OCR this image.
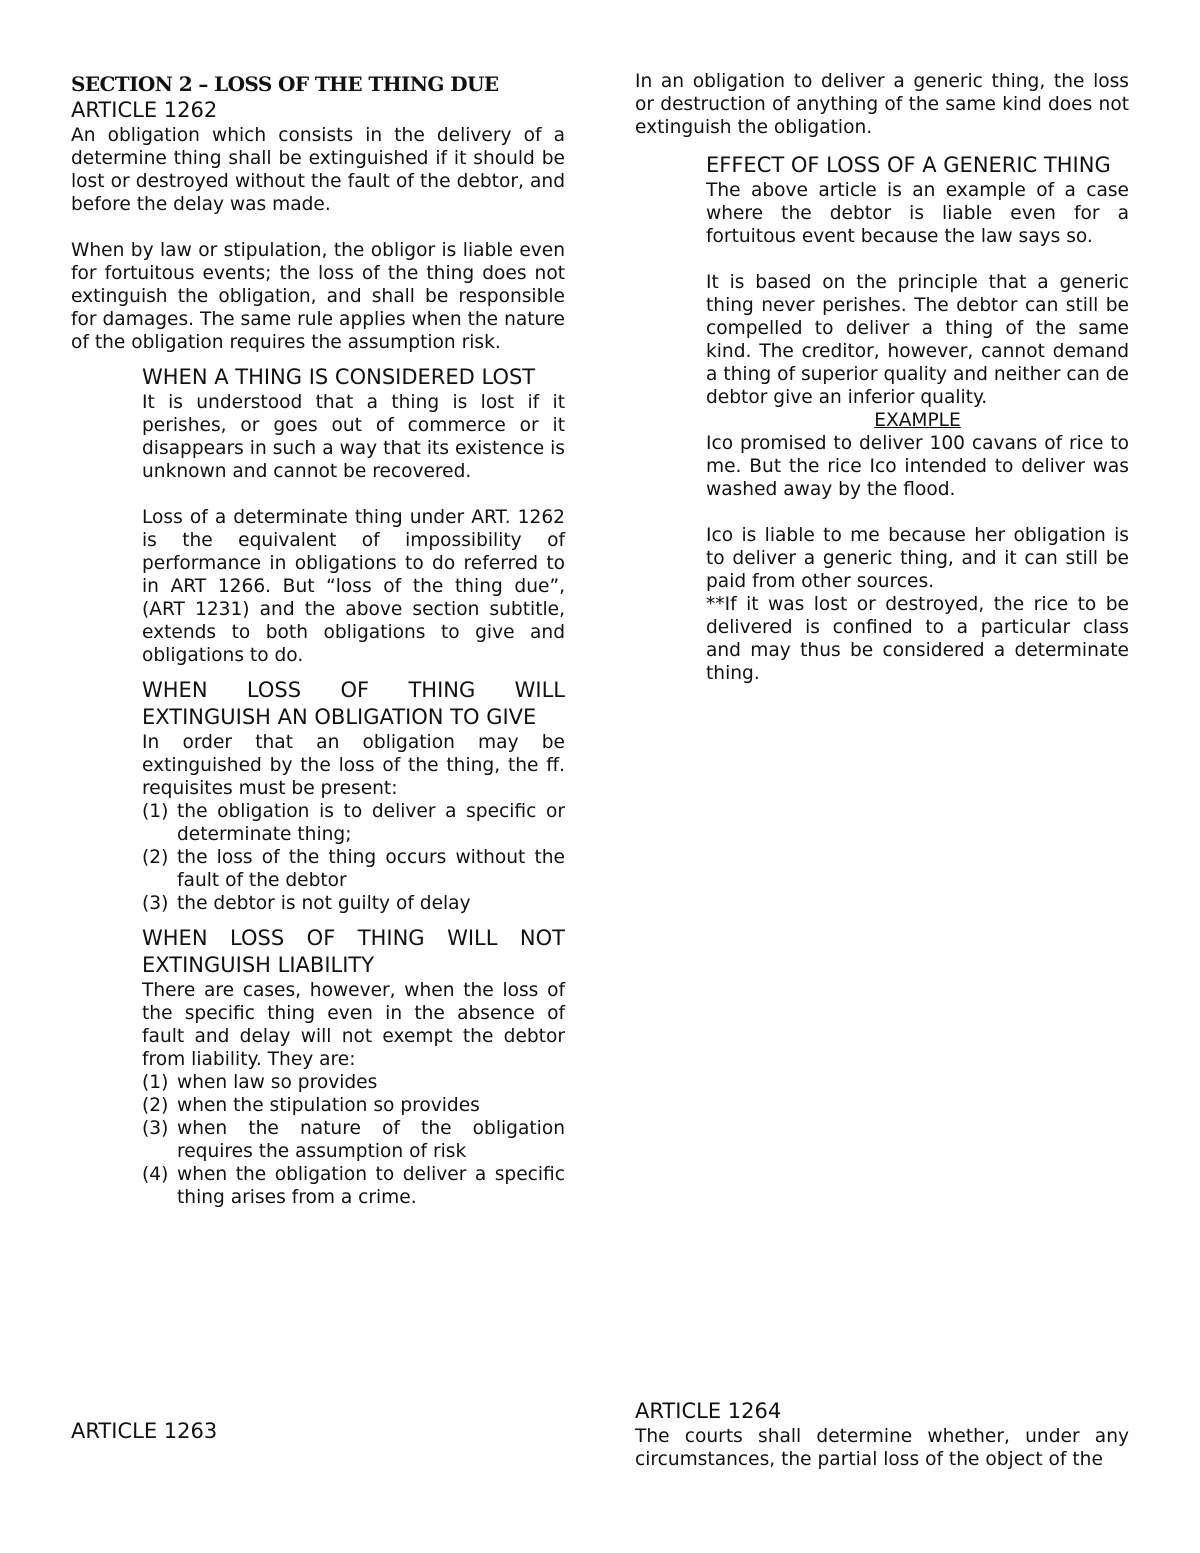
SECTION 2 – LOSS OF THE THING DUE
ARTICLE 1262

An obligation which consists in the delivery of a determine thing shall be extinguished if it should be lost or destroyed without the fault of the debtor, and before the delay was made.

When by law or stipulation, the obligor is liable even for fortuitous events; the loss of the thing does not extinguish the obligation, and shall be responsible for damages. The same rule applies when the nature of the obligation requires the assumption risk.

WHEN A THING IS CONSIDERED LOST

It is understood that a thing is lost if it perishes, or goes out of commerce or it disappears in such a way that its existence is unknown and cannot be recovered.

Loss of a determinate thing under ART. 1262 is the equivalent of impossibility of performance in obligations to do referred to in ART 1266. But “loss of the thing due”, (ART 1231) and the above section subtitle, extends to both obligations to give and obligations to do.

WHEN LOSS OF THING WILL EXTINGUISH AN OBLIGATION TO GIVE

In order that an obligation may be extinguished by the loss of the thing, the ff. requisites must be present:

(1) the obligation is to deliver a specific or determinate thing;
(2) the loss of the thing occurs without the fault of the debtor
(3) the debtor is not guilty of delay
WHEN LOSS OF THING WILL NOT EXTINGUISH LIABILITY

There are cases, however, when the loss of the specific thing even in the absence of fault and delay will not exempt the debtor from liability. They are:

(1) when law so provides
(2) when the stipulation so provides
(3) when the nature of the obligation requires the assumption of risk
(4) when the obligation to deliver a specific thing arises from a crime.
ARTICLE 1263

In an obligation to deliver a generic thing, the loss or destruction of anything of the same kind does not extinguish the obligation.

EFFECT OF LOSS OF A GENERIC THING

The above article is an example of a case where the debtor is liable even for a fortuitous event because the law says so.

It is based on the principle that a generic thing never perishes. The debtor can still be compelled to deliver a thing of the same kind. The creditor, however, cannot demand a thing of superior quality and neither can de debtor give an inferior quality.

EXAMPLE

Ico promised to deliver 100 cavans of rice to me. But the rice Ico intended to deliver was washed away by the flood.

Ico is liable to me because her obligation is to deliver a generic thing, and it can still be paid from other sources.

**If it was lost or destroyed, the rice to be delivered is confined to a particular class and may thus be considered a determinate thing.

ARTICLE 1264

The courts shall determine whether, under any circumstances, the partial loss of the object of the
